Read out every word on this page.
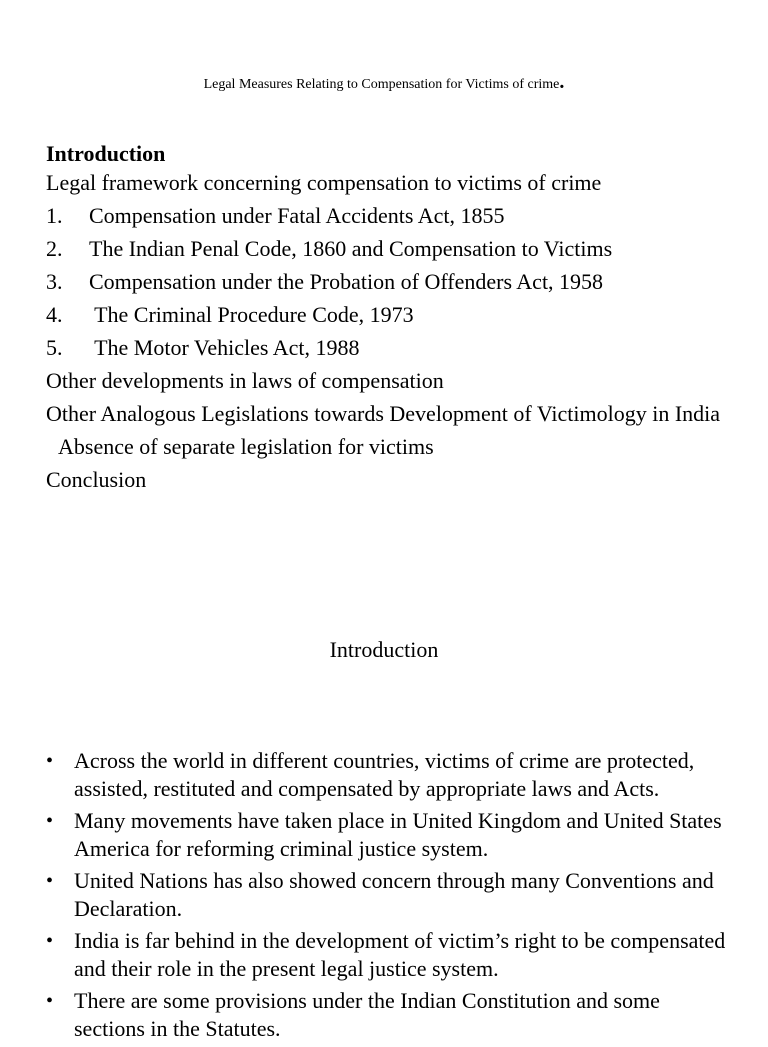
Legal Measures Relating to Compensation for Victims of crime.
Introduction
Legal framework concerning compensation to victims of crime
1.	Compensation under Fatal Accidents Act, 1855
2.	The Indian Penal Code, 1860 and Compensation to Victims
3.	Compensation under the Probation of Offenders Act, 1958
4.	The Criminal Procedure Code, 1973
5.	The Motor Vehicles Act, 1988
Other developments in laws of compensation
Other Analogous Legislations towards Development of Victimology in India
Absence of separate legislation for victims
Conclusion
Introduction
• Across the world in different countries, victims of crime are protected, assisted, restituted and compensated by appropriate laws and Acts.
• Many movements have taken place in United Kingdom and United States America for reforming criminal justice system.
• United Nations has also showed concern through many Conventions and Declaration.
• India is far behind in the development of victim’s right to be compensated and their role in the present legal justice system.
• There are some provisions under the Indian Constitution and some sections in the Statutes.
